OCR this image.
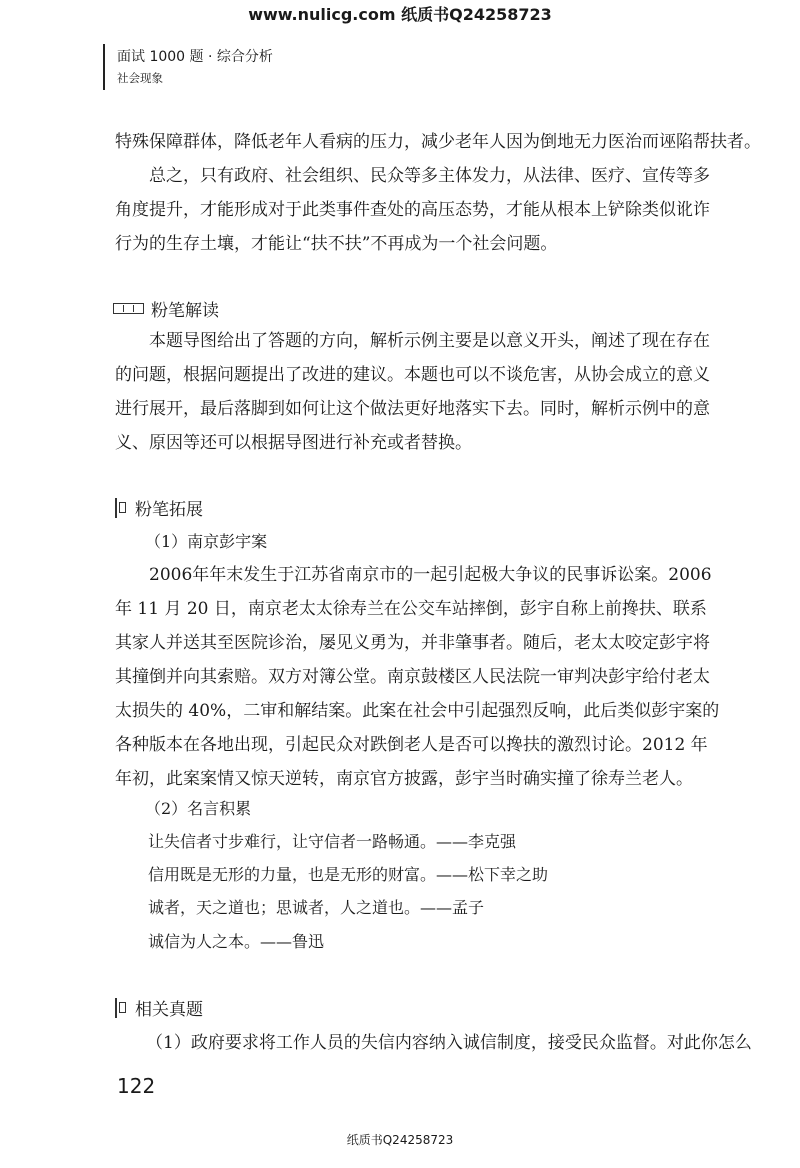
www.nulicg.com 纸质书Q24258723
面试 1000 题 · 综合分析
社会现象

特殊保障群体，降低老年人看病的压力，减少老年人因为倒地无力医治而诬陷帮扶者。

总之，只有政府、社会组织、民众等多主体发力，从法律、医疗、宣传等多角度提升，才能形成对于此类事件查处的高压态势，才能从根本上铲除类似讹诈行为的生存土壤，才能让“扶不扶”不再成为一个社会问题。

粉笔解读

本题导图给出了答题的方向，解析示例主要是以意义开头，阐述了现在存在的问题，根据问题提出了改进的建议。本题也可以不谈危害，从协会成立的意义进行展开，最后落脚到如何让这个做法更好地落实下去。同时，解析示例中的意义、原因等还可以根据导图进行补充或者替换。

粉笔拓展
（1）南京彭宇案

2006年年末发生于江苏省南京市的一起引起极大争议的民事诉讼案。2006 年 11 月 20 日，南京老太太徐寿兰在公交车站摔倒，彭宇自称上前搀扶、联系其家人并送其至医院诊治，屡见义勇为，并非肇事者。随后，老太太咬定彭宇将其撞倒并向其索赔。双方对簿公堂。南京鼓楼区人民法院一审判决彭宇给付老太太损失的 40%，二审和解结案。此案在社会中引起强烈反响，此后类似彭宇案的各种版本在各地出现，引起民众对跌倒老人是否可以搀扶的激烈讨论。2012 年年初，此案案情又惊天逆转，南京官方披露，彭宇当时确实撞了徐寿兰老人。

（2）名言积累
让失信者寸步难行，让守信者一路畅通。——李克强
信用既是无形的力量，也是无形的财富。——松下幸之助
诚者，天之道也；思诚者，人之道也。——孟子
诚信为人之本。——鲁迅
相关真题

（1）政府要求将工作人员的失信内容纳入诚信制度，接受民众监督。对此你怎么

122
纸质书Q24258723
